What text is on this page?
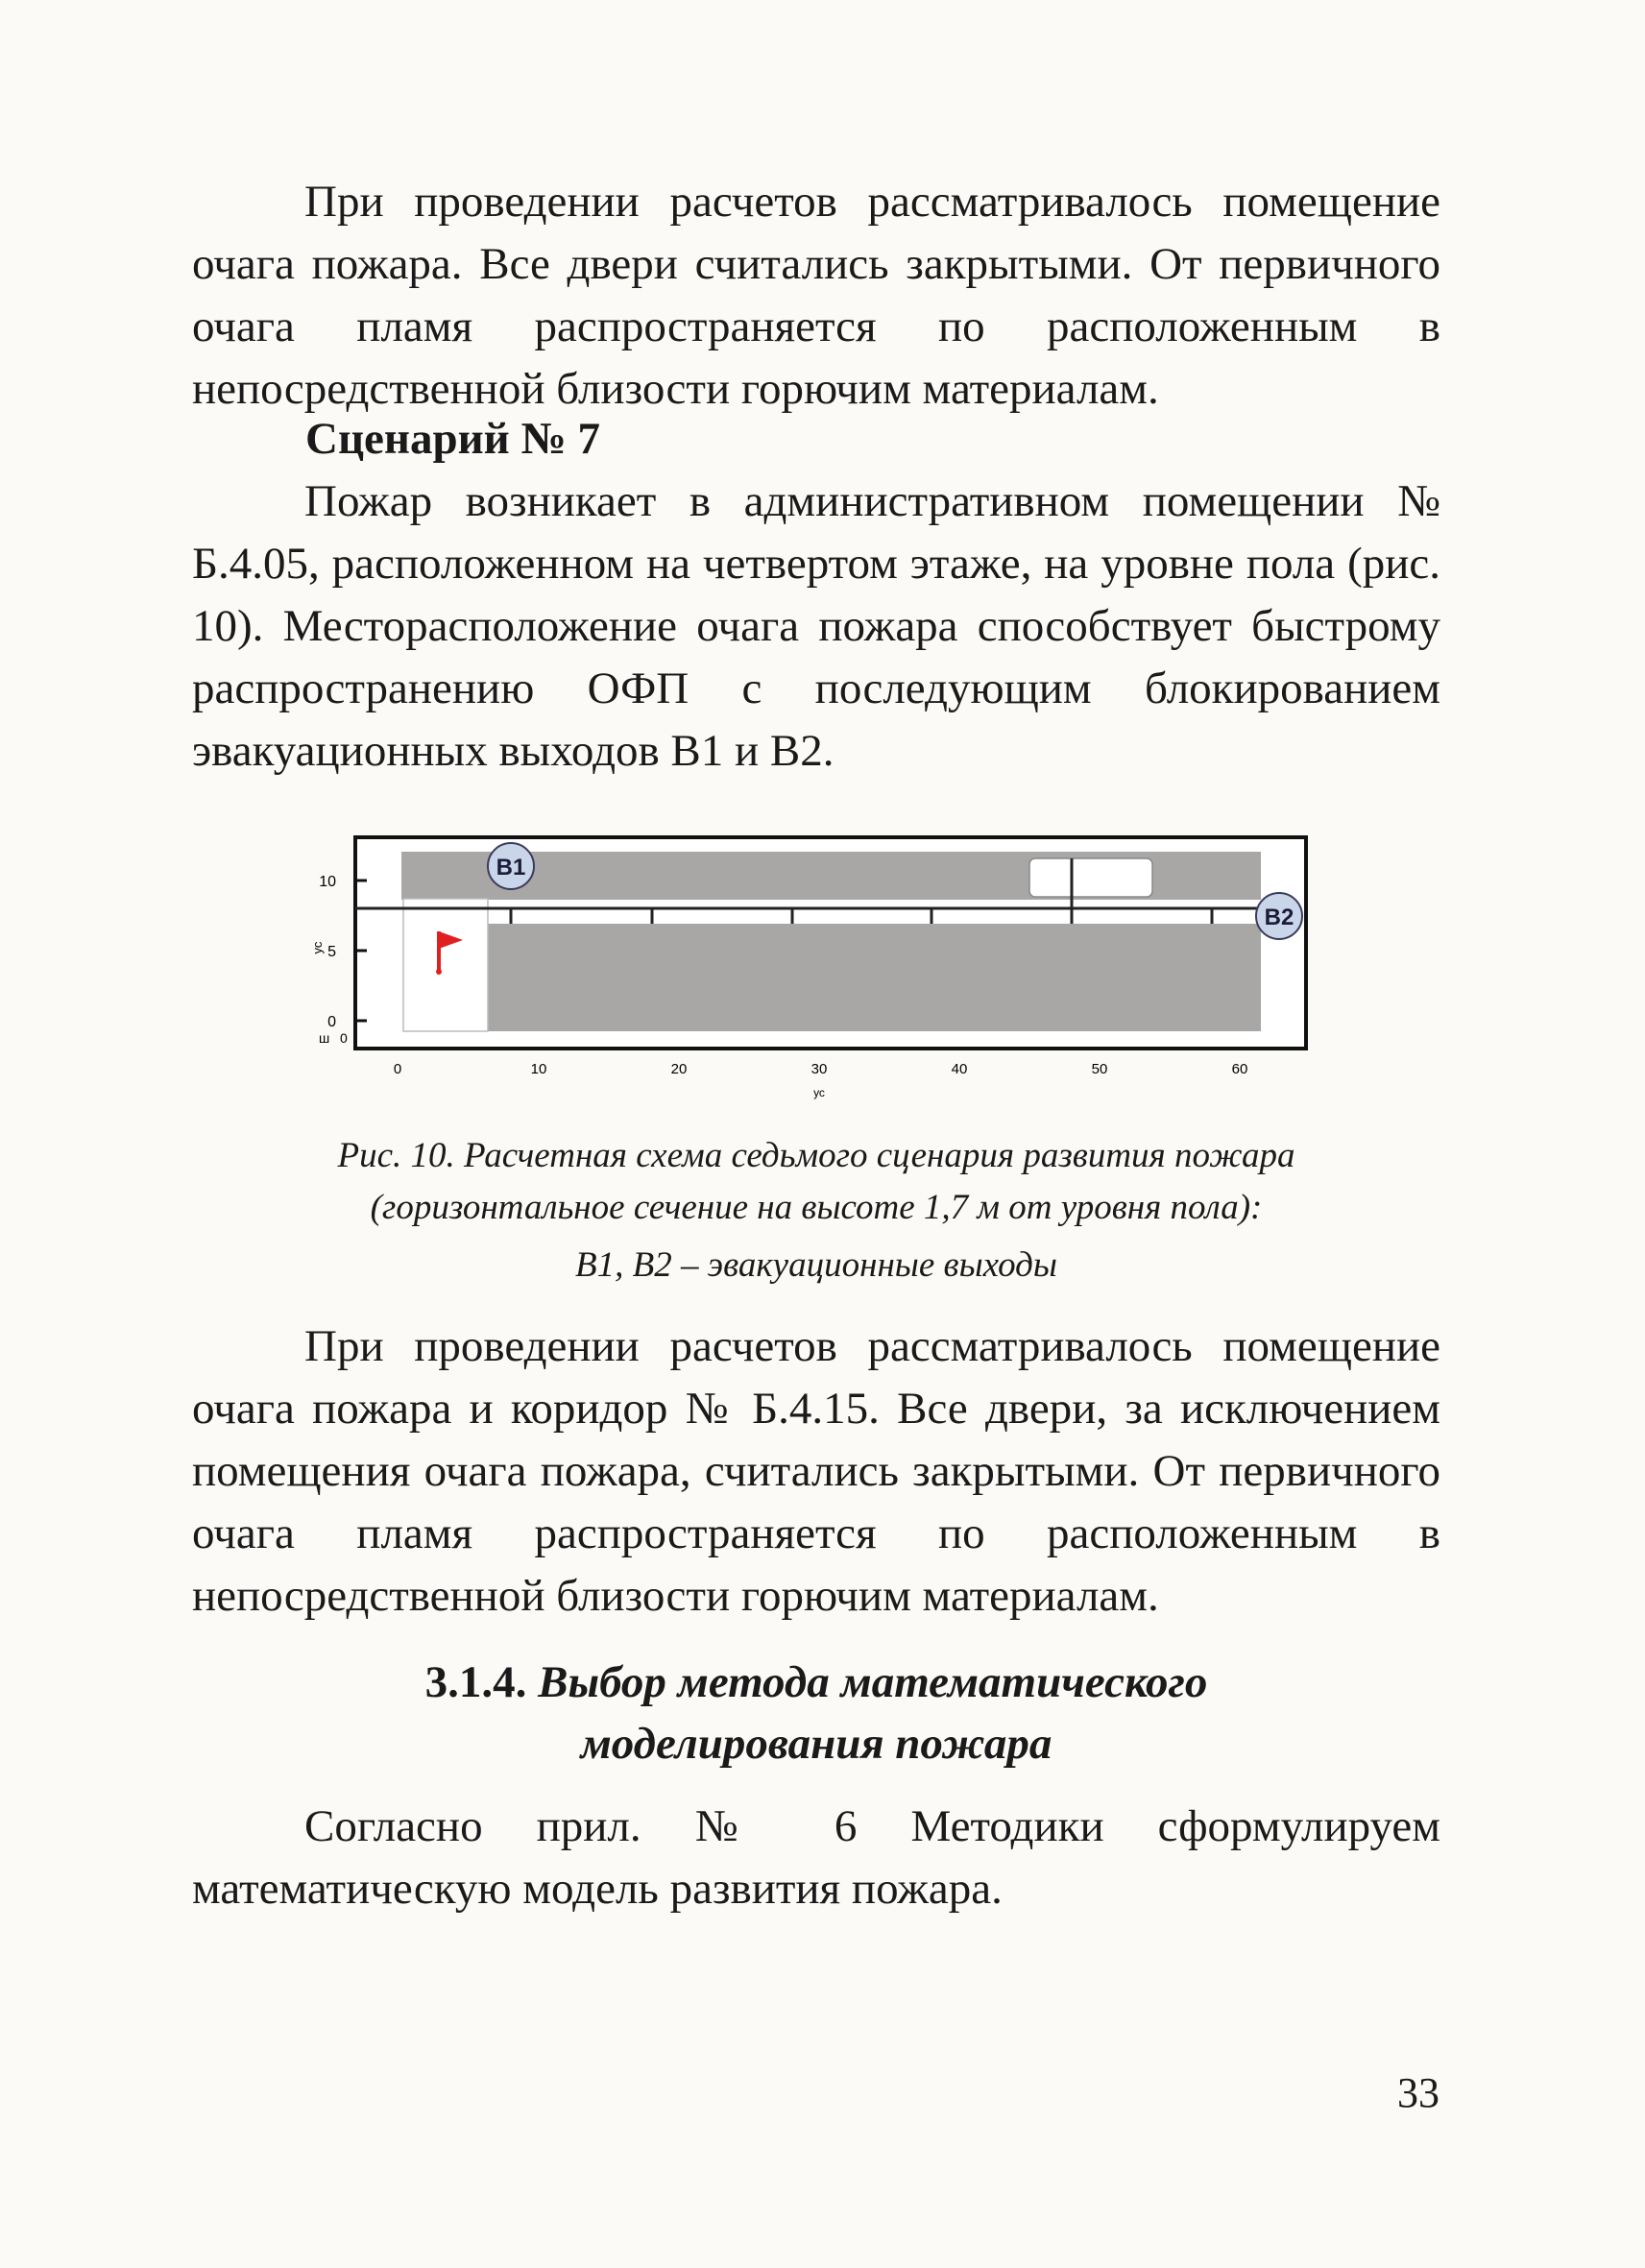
При проведении расчетов рассматривалось помещение очага пожара. Все двери считались закрытыми. От первичного очага пламя распространяется по расположенным в непосредственной близости горючим материалам.

Сценарий № 7

Пожар возникает в административном помещении № Б.4.05, расположенном на четвертом этаже, на уровне пола (рис. 10). Месторасположение очага пожара способствует быстрому распространению ОФП с последующим блокированием эвакуационных выходов В1 и В2.

10
5
0
ус
ш 0
0	10	20	30	40	50	60
ус
В1
В2
Рис. 10. Расчетная схема седьмого сценария развития пожара
(горизонтальное сечение на высоте 1,7 м от уровня пола):
В1, В2 – эвакуационные выходы

При проведении расчетов рассматривалось помещение очага пожара и коридор № Б.4.15. Все двери, за исключением помещения очага пожара, считались закрытыми. От первичного очага пламя распространяется по расположенным в непосредственной близости горючим материалам.

3.1.4. Выбор метода математического
моделирования пожара

Согласно прил. № 6 Методики сформулируем математическую модель развития пожара.

33
